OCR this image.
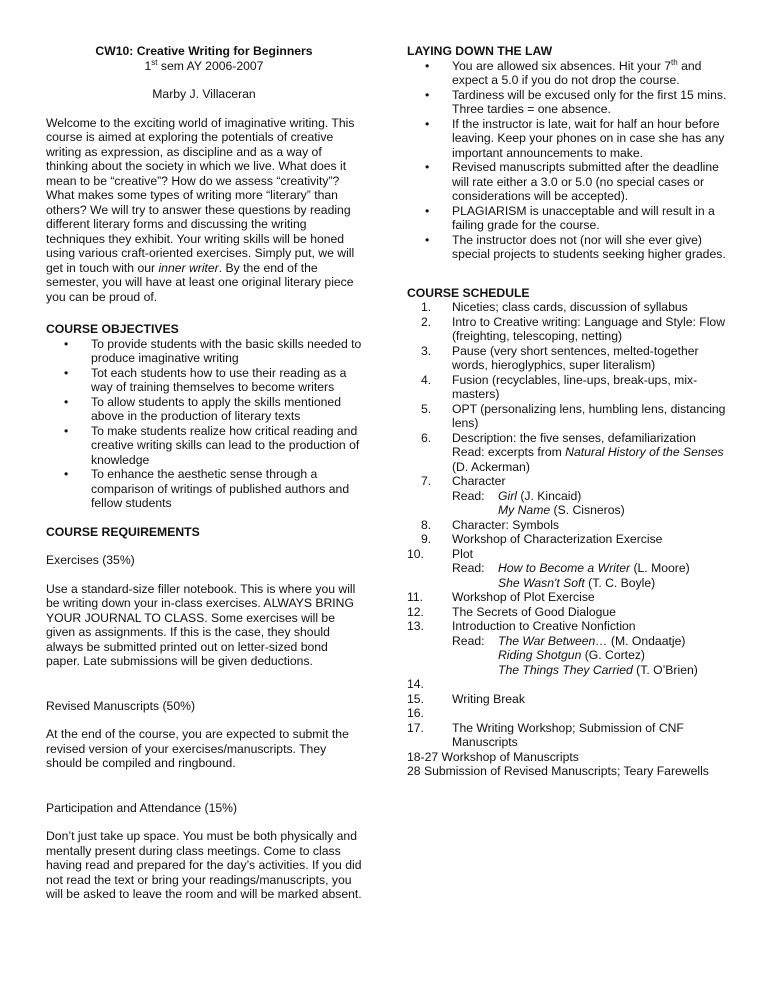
CW10: Creative Writing for Beginners

1st sem AY 2006-2007

Marby J. Villaceran

Welcome to the exciting world of imaginative writing. This course is aimed at exploring the potentials of creative writing as expression, as discipline and as a way of thinking about the society in which we live. What does it mean to be “creative”? How do we assess “creativity”? What makes some types of writing more “literary” than others? We will try to answer these questions by reading different literary forms and discussing the writing techniques they exhibit. Your writing skills will be honed using various craft-oriented exercises. Simply put, we will get in touch with our inner writer. By the end of the semester, you will have at least one original literary piece you can be proud of.

COURSE OBJECTIVES

• To provide students with the basic skills needed to produce imaginative writing
• Tot each students how to use their reading as a way of training themselves to become writers
• To allow students to apply the skills mentioned above in the production of literary texts
• To make students realize how critical reading and creative writing skills can lead to the production of knowledge
• To enhance the aesthetic sense through a comparison of writings of published authors and fellow students

COURSE REQUIREMENTS

Exercises (35%)

Use a standard-size filler notebook. This is where you will be writing down your in-class exercises. ALWAYS BRING YOUR JOURNAL TO CLASS. Some exercises will be given as assignments. If this is the case, they should always be submitted printed out on letter-sized bond paper. Late submissions will be given deductions.

Revised Manuscripts (50%)

At the end of the course, you are expected to submit the revised version of your exercises/manuscripts. They should be compiled and ringbound.

Participation and Attendance (15%)

Don’t just take up space. You must be both physically and mentally present during class meetings. Come to class having read and prepared for the day’s activities. If you did not read the text or bring your readings/manuscripts, you will be asked to leave the room and will be marked absent.

LAYING DOWN THE LAW

• You are allowed six absences. Hit your 7th and expect a 5.0 if you do not drop the course.
• Tardiness will be excused only for the first 15 mins. Three tardies = one absence.
• If the instructor is late, wait for half an hour before leaving. Keep your phones on in case she has any important announcements to make.
• Revised manuscripts submitted after the deadline will rate either a 3.0 or 5.0 (no special cases or considerations will be accepted).
• PLAGIARISM is unacceptable and will result in a failing grade for the course.
• The instructor does not (nor will she ever give) special projects to students seeking higher grades.

COURSE SCHEDULE

1. Niceties; class cards, discussion of syllabus
2. Intro to Creative writing: Language and Style: Flow (freighting, telescoping, netting)
3. Pause (very short sentences, melted-together words, hieroglyphics, super literalism)
4. Fusion (recyclables, line-ups, break-ups, mix-masters)
5. OPT (personalizing lens, humbling lens, distancing lens)
6. Description: the five senses, defamiliarization
Read: excerpts from Natural History of the Senses (D. Ackerman)
7. Character
Read: Girl (J. Kincaid)
My Name (S. Cisneros)
8. Character: Symbols
9. Workshop of Characterization Exercise
10. Plot
Read: How to Become a Writer (L. Moore)
She Wasn't Soft (T. C. Boyle)
11. Workshop of Plot Exercise
12. The Secrets of Good Dialogue
13. Introduction to Creative Nonfiction
Read: The War Between… (M. Ondaatje)
Riding Shotgun (G. Cortez)
The Things They Carried (T. O’Brien)
14.

15. Writing Break
16.

17. The Writing Workshop; Submission of CNF Manuscripts
18-27 Workshop of Manuscripts
28 Submission of Revised Manuscripts; Teary Farewells
